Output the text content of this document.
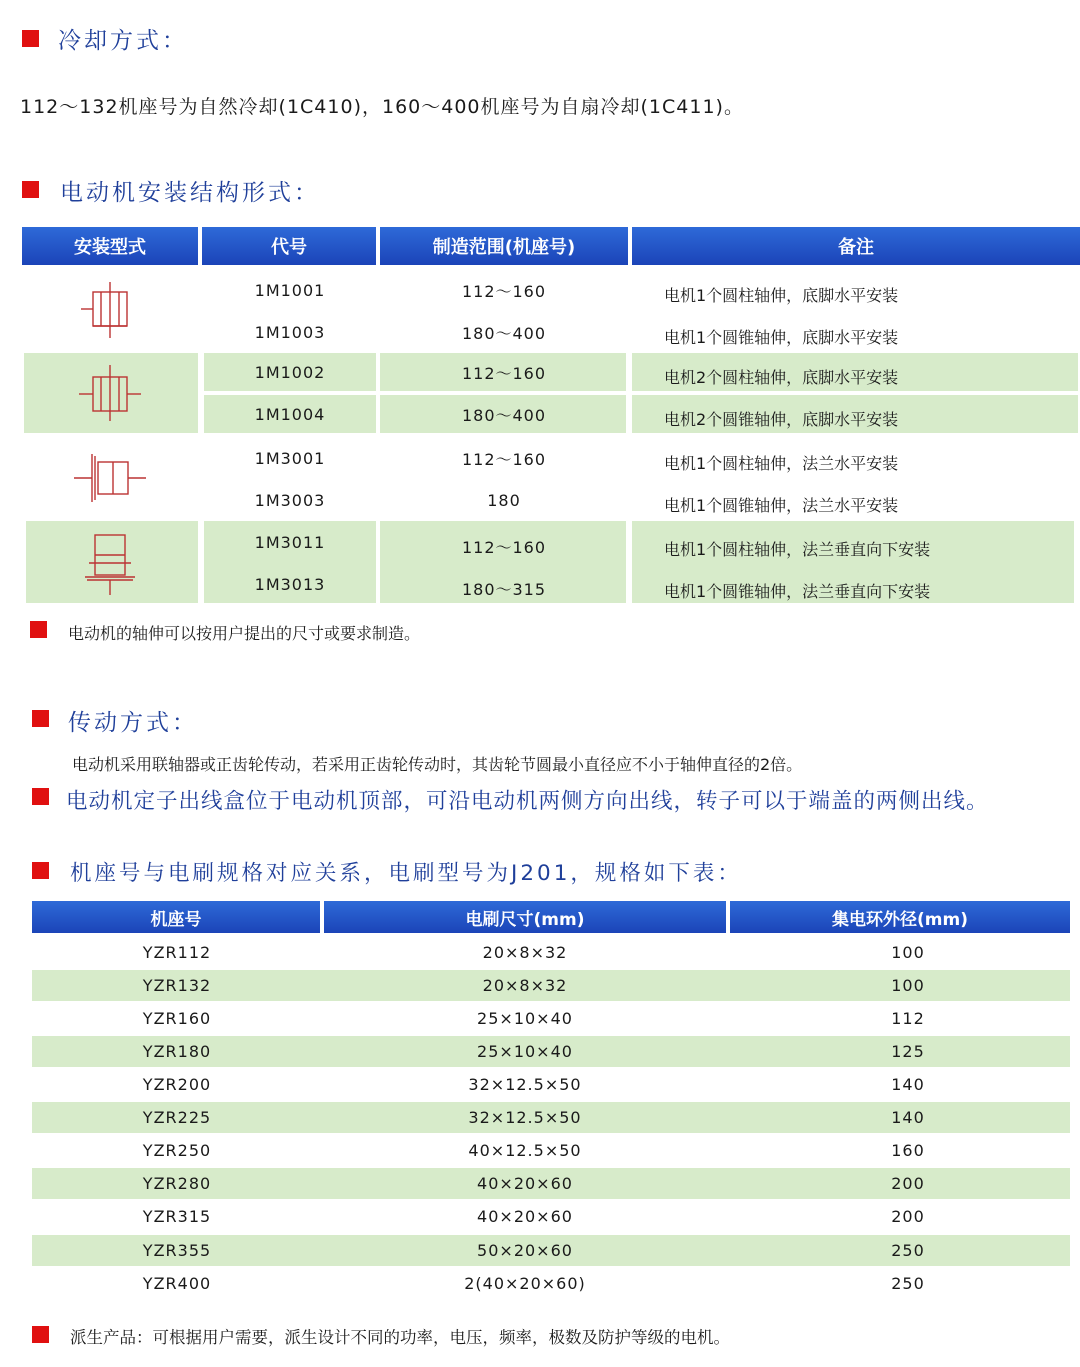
冷却方式：
112～132机座号为自然冷却(1C410)，160～400机座号为自扇冷却(1C411)。
电动机安装结构形式：
安装型式	代号	制造范围(机座号)	备注
1M1001	112～160	电机1个圆柱轴伸，底脚水平安装
1M1003	180～400	电机1个圆锥轴伸，底脚水平安装
1M1002	112～160	电机2个圆柱轴伸，底脚水平安装
1M1004	180～400	电机2个圆锥轴伸，底脚水平安装
1M3001	112～160	电机1个圆柱轴伸，法兰水平安装
1M3003	180	电机1个圆锥轴伸，法兰水平安装
1M3011	112～160	电机1个圆柱轴伸，法兰垂直向下安装
1M3013	180～315	电机1个圆锥轴伸，法兰垂直向下安装
电动机的轴伸可以按用户提出的尺寸或要求制造。
传动方式：
电动机采用联轴器或正齿轮传动，若采用正齿轮传动时，其齿轮节圆最小直径应不小于轴伸直径的2倍。
电动机定子出线盒位于电动机顶部，可沿电动机两侧方向出线，转子可以于端盖的两侧出线。
机座号与电刷规格对应关系，电刷型号为J201，规格如下表：
机座号	电刷尺寸(mm)	集电环外径(mm)
YZR112	20×8×32	100
YZR132	20×8×32	100
YZR160	25×10×40	112
YZR180	25×10×40	125
YZR200	32×12.5×50	140
YZR225	32×12.5×50	140
YZR250	40×12.5×50	160
YZR280	40×20×60	200
YZR315	40×20×60	200
YZR355	50×20×60	250
YZR400	2(40×20×60)	250
派生产品：可根据用户需要，派生设计不同的功率，电压，频率，极数及防护等级的电机。
